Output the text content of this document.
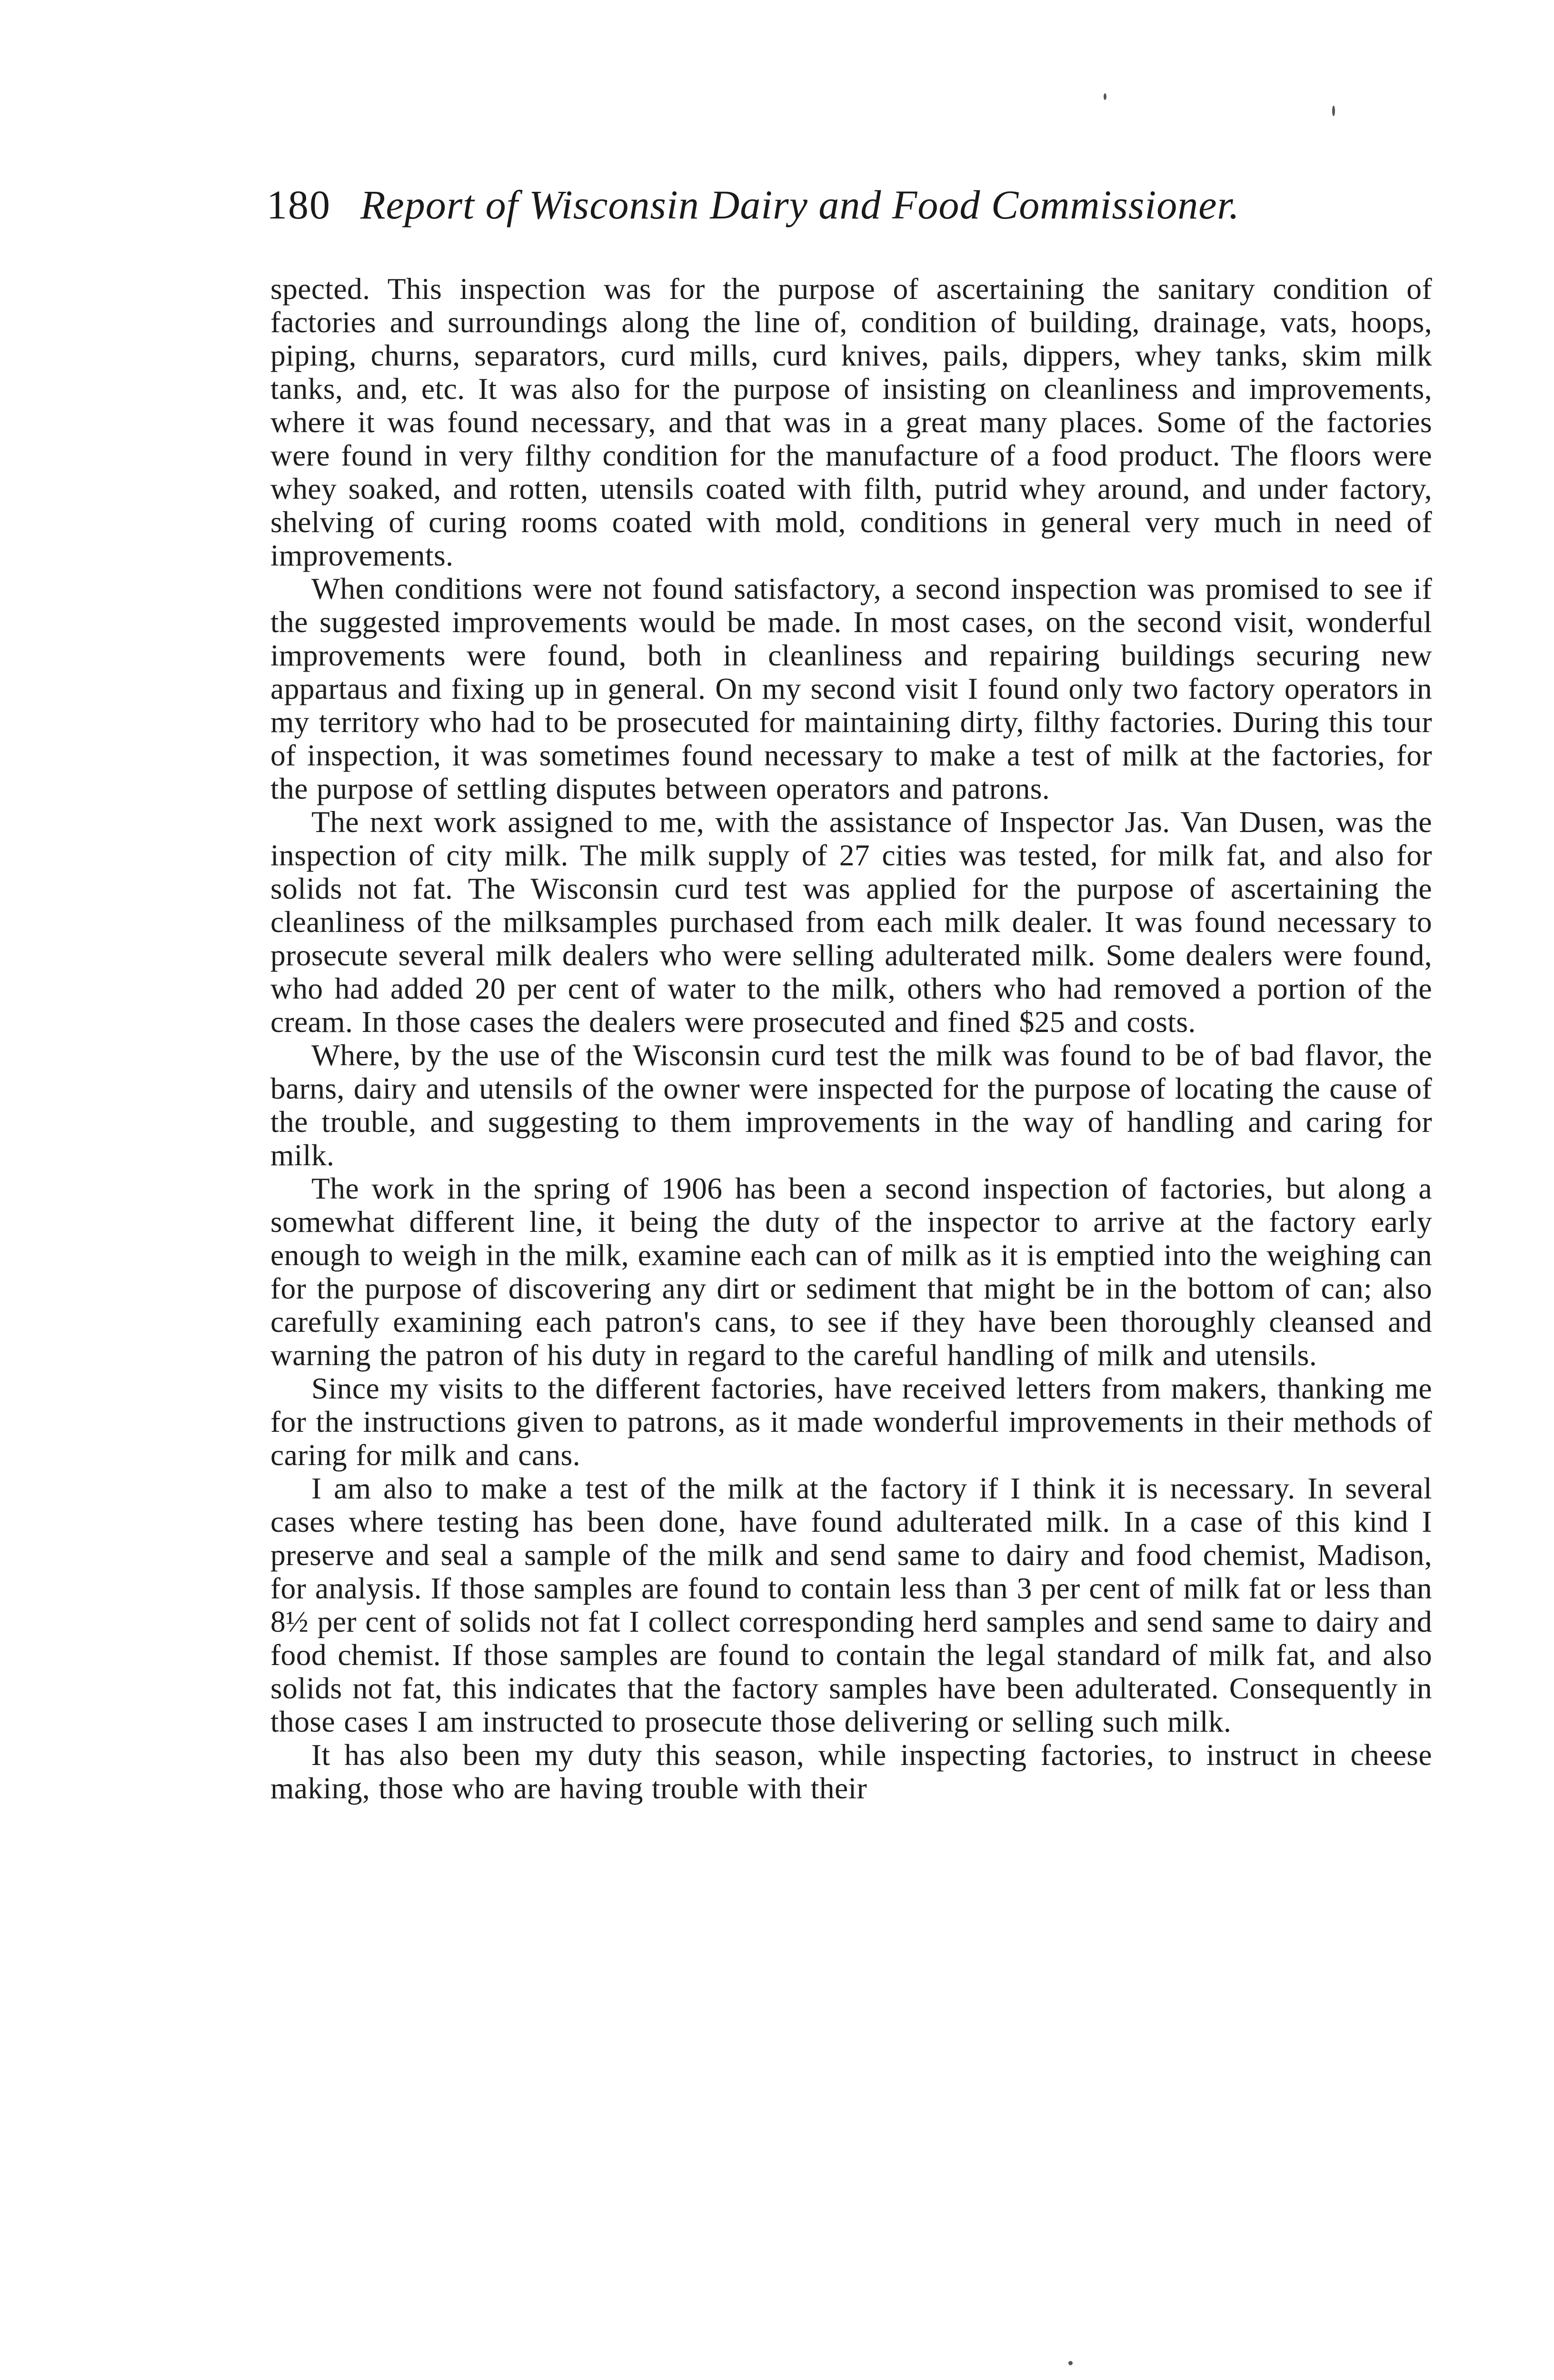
180 Report of Wisconsin Dairy and Food Commissioner.

spected. This inspection was for the purpose of ascertaining the sanitary condition of factories and surroundings along the line of, condition of building, drainage, vats, hoops, piping, churns, separators, curd mills, curd knives, pails, dippers, whey tanks, skim milk tanks, and, etc. It was also for the purpose of insisting on cleanliness and improvements, where it was found necessary, and that was in a great many places. Some of the factories were found in very filthy condition for the manufacture of a food product. The floors were whey soaked, and rotten, utensils coated with filth, putrid whey around, and under factory, shelving of curing rooms coated with mold, conditions in general very much in need of improvements.

When conditions were not found satisfactory, a second inspection was promised to see if the suggested improvements would be made. In most cases, on the second visit, wonderful improvements were found, both in cleanliness and repairing buildings securing new appartaus and fixing up in general. On my second visit I found only two factory operators in my territory who had to be prosecuted for maintaining dirty, filthy factories. During this tour of inspection, it was sometimes found necessary to make a test of milk at the factories, for the purpose of settling disputes between operators and patrons.

The next work assigned to me, with the assistance of Inspector Jas. Van Dusen, was the inspection of city milk. The milk supply of 27 cities was tested, for milk fat, and also for solids not fat. The Wisconsin curd test was applied for the purpose of ascertaining the cleanliness of the milksamples purchased from each milk dealer. It was found necessary to prosecute several milk dealers who were selling adulterated milk. Some dealers were found, who had added 20 per cent of water to the milk, others who had removed a portion of the cream. In those cases the dealers were prosecuted and fined $25 and costs.

Where, by the use of the Wisconsin curd test the milk was found to be of bad flavor, the barns, dairy and utensils of the owner were inspected for the purpose of locating the cause of the trouble, and suggesting to them improvements in the way of handling and caring for milk.

The work in the spring of 1906 has been a second inspection of factories, but along a somewhat different line, it being the duty of the inspector to arrive at the factory early enough to weigh in the milk, examine each can of milk as it is emptied into the weighing can for the purpose of discovering any dirt or sediment that might be in the bottom of can; also carefully examining each patron's cans, to see if they have been thoroughly cleansed and warning the patron of his duty in regard to the careful handling of milk and utensils.

Since my visits to the different factories, have received letters from makers, thanking me for the instructions given to patrons, as it made wonderful improvements in their methods of caring for milk and cans.

I am also to make a test of the milk at the factory if I think it is necessary. In several cases where testing has been done, have found adulterated milk. In a case of this kind I preserve and seal a sample of the milk and send same to dairy and food chemist, Madison, for analysis. If those samples are found to contain less than 3 per cent of milk fat or less than 8½ per cent of solids not fat I collect corresponding herd samples and send same to dairy and food chemist. If those samples are found to contain the legal standard of milk fat, and also solids not fat, this indicates that the factory samples have been adulterated. Consequently in those cases I am instructed to prosecute those delivering or selling such milk.

It has also been my duty this season, while inspecting factories, to instruct in cheese making, those who are having trouble with their
